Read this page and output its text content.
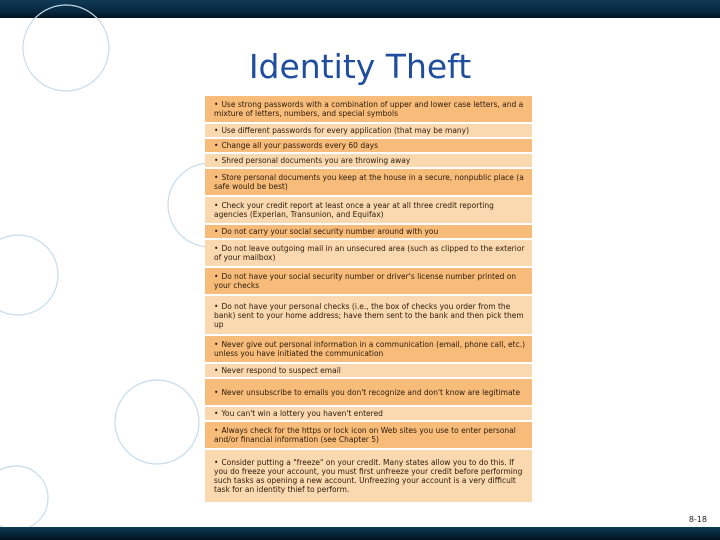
Identity Theft
• Use strong passwords with a combination of upper and lower case letters, and a mixture of letters, numbers, and special symbols
• Use different passwords for every application (that may be many)
• Change all your passwords every 60 days
• Shred personal documents you are throwing away
• Store personal documents you keep at the house in a secure, nonpublic place (a safe would be best)
• Check your credit report at least once a year at all three credit reporting agencies (Experian, Transunion, and Equifax)
• Do not carry your social security number around with you
• Do not leave outgoing mail in an unsecured area (such as clipped to the exterior of your mailbox)
• Do not have your social security number or driver's license number printed on your checks
• Do not have your personal checks (i.e., the box of checks you order from the bank) sent to your home address; have them sent to the bank and then pick them up
• Never give out personal information in a communication (email, phone call, etc.) unless you have initiated the communication
• Never respond to suspect email
• Never unsubscribe to emails you don't recognize and don't know are legitimate
• You can't win a lottery you haven't entered
• Always check for the https or lock icon on Web sites you use to enter personal and/or financial information (see Chapter 5)
• Consider putting a "freeze" on your credit. Many states allow you to do this. If you do freeze your account, you must first unfreeze your credit before performing such tasks as opening a new account. Unfreezing your account is a very difficult task for an identity thief to perform.
8-18
